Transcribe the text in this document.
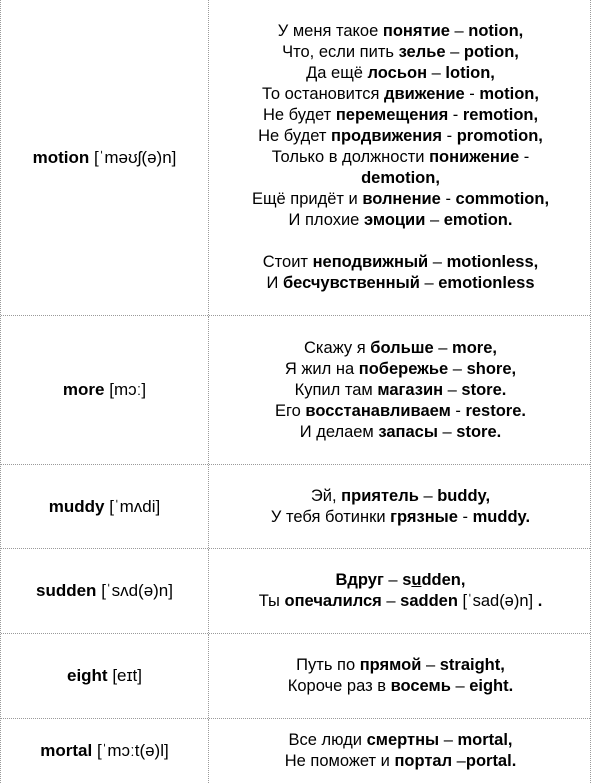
motion
[ˈməʊʃ(ə)n]
У меня такое понятие – notion,
Что, если пить зелье – potion,
Да ещё лосьон – lotion,
То остановится движение - motion,
Не будет перемещения - remotion,
Не будет продвижения - promotion,
Только в должности понижение -
demotion,
Ещё придёт и волнение - commotion,
И плохие эмоции – emotion.
Стоит неподвижный – motionless,
И бесчувственный – emotionless
more
[mɔː]
Скажу я больше – more,
Я жил на побережье – shore,
Купил там магазин – store.
Его восстанавливаем - restore.
И делаем запасы – store.
muddy
[ˈmʌdi]
Эй, приятель – buddy,
У тебя ботинки грязные - muddy.
sudden
[ˈsʌd(ə)n]
Вдруг – sudden,
Ты опечалился – sadden [ˈsad(ə)n] .
eight
[eɪt]
Путь по прямой – straight,
Короче раз в восемь – eight.
mortal
[ˈmɔːt(ə)l]
Все люди смертны – mortal,
Не поможет и портал –portal.
